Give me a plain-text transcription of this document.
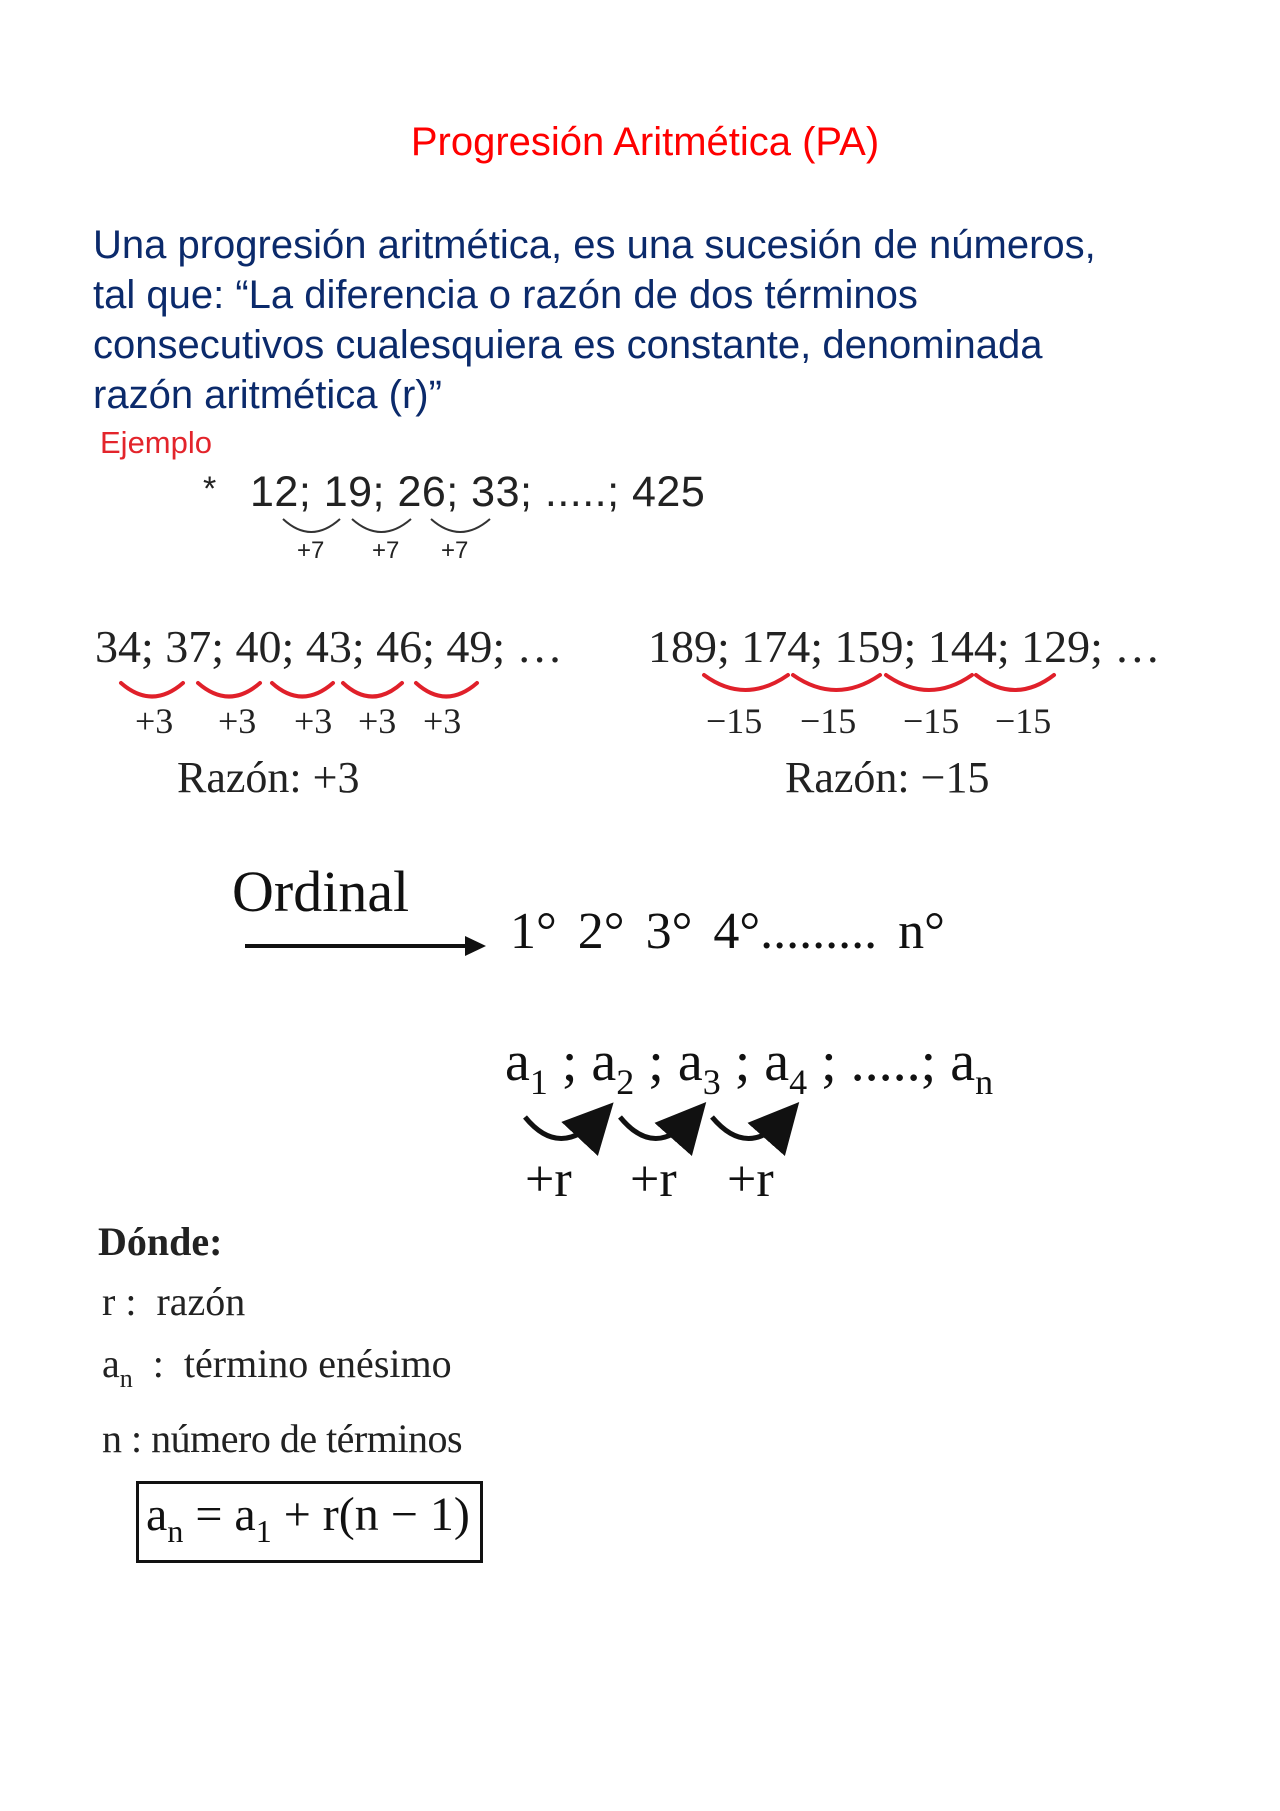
Progresión Aritmética (PA)
Una progresión aritmética, es una sucesión de números,
tal que: “La diferencia o razón de dos términos
consecutivos cualesquiera es constante, denominada
razón aritmética (r)”
Ejemplo
* 12; 19; 26; 33; .....; 425
+7 +7 +7
34; 37; 40; 43; 46; 49; …
+3 +3 +3 +3 +3
Razón: +3
189; 174; 159; 144; 129; …
−15 −15 −15 −15
Razón: −15
Ordinal
1° 2° 3° 4°......... n°
$a_1$ ; $a_2$ ; $a_3$ ; $a_4$ ; .....; $a_n$
+r +r +r
Dónde:
r :  razón
$a_n$  :  término enésimo
n : número de términos
$a_n = a_1 + r(n - 1)$
